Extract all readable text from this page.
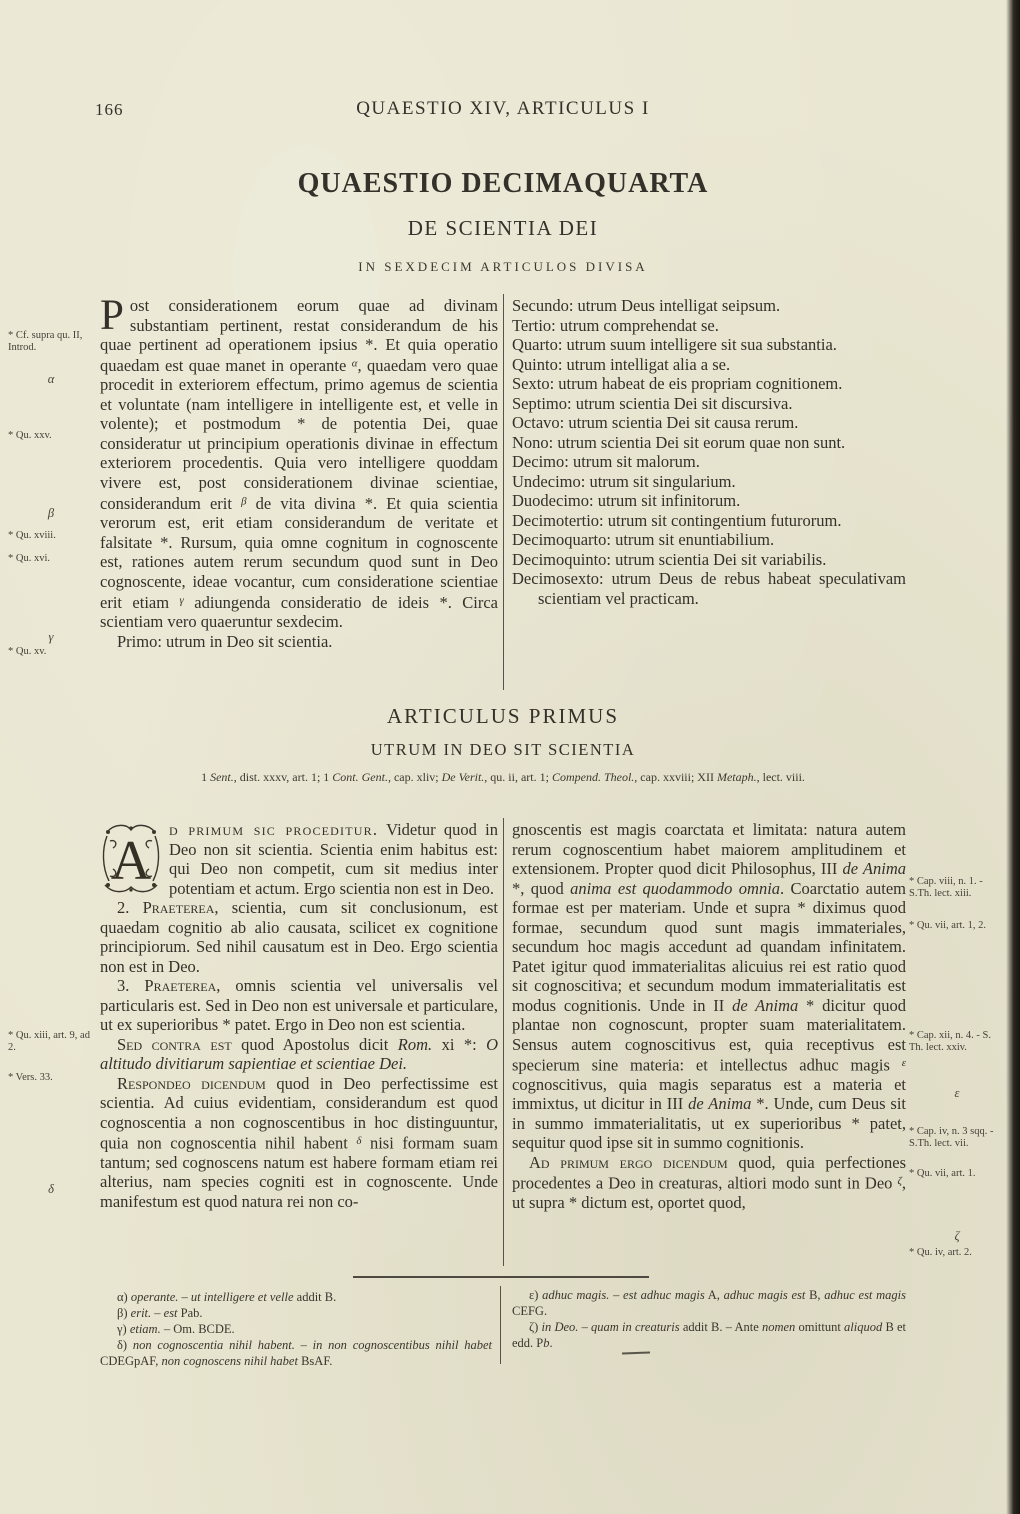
166	QUAESTIO XIV, ARTICULUS I
QUAESTIO DECIMAQUARTA
DE SCIENTIA DEI
IN SEXDECIM ARTICULOS DIVISA

Post considerationem eorum quae ad divinam substantiam pertinent, restat considerandum de his quae pertinent ad operationem ipsius *. Et quia operatio quaedam est quae manet in operante $^\alpha$, quaedam vero quae procedit in exteriorem effectum, primo agemus de scientia et voluntate (nam intelligere in intelligente est, et velle in volente); et postmodum * de potentia Dei, quae consideratur ut principium operationis divinae in effectum exteriorem procedentis. Quia vero intelligere quoddam vivere est, post considerationem divinae scientiae, considerandum erit $^\beta$ de vita divina *. Et quia scientia verorum est, erit etiam considerandum de veritate et falsitate *. Rursum, quia omne cognitum in cognoscente est, rationes autem rerum secundum quod sunt in Deo cognoscente, ideae vocantur, cum consideratione scientiae erit etiam $^\gamma$ adiungenda consideratio de ideis *. Circa scientiam vero quaeruntur sexdecim.

Primo: utrum in Deo sit scientia.

Secundo: utrum Deus intelligat seipsum.
Tertio: utrum comprehendat se.
Quarto: utrum suum intelligere sit sua substantia.
Quinto: utrum intelligat alia a se.
Sexto: utrum habeat de eis propriam cognitionem.
Septimo: utrum scientia Dei sit discursiva.
Octavo: utrum scientia Dei sit causa rerum.
Nono: utrum scientia Dei sit eorum quae non sunt.
Decimo: utrum sit malorum.
Undecimo: utrum sit singularium.
Duodecimo: utrum sit infinitorum.
Decimotertio: utrum sit contingentium futurorum.
Decimoquarto: utrum sit enuntiabilium.
Decimoquinto: utrum scientia Dei sit variabilis.
Decimosexto: utrum Deus de rebus habeat speculativam scientiam vel practicam.
ARTICULUS PRIMUS
UTRUM IN DEO SIT SCIENTIA
1 Sent., dist. xxxv, art. 1; 1 Cont. Gent., cap. xliv; De Verit., qu. ii, art. 1; Compend. Theol., cap. xxviii; XII Metaph., lect. viii.

A
d primum sic proceditur. Videtur quod in Deo non sit scientia. Scientia enim habitus est: qui Deo non competit, cum sit medius inter potentiam et actum. Ergo scientia non est in Deo.

2. Praeterea, scientia, cum sit conclusionum, est quaedam cognitio ab alio causata, scilicet ex cognitione principiorum. Sed nihil causatum est in Deo. Ergo scientia non est in Deo.

3. Praeterea, omnis scientia vel universalis vel particularis est. Sed in Deo non est universale et particulare, ut ex superioribus * patet. Ergo in Deo non est scientia.

Sed contra est quod Apostolus dicit Rom. xi *: O altitudo divitiarum sapientiae et scientiae Dei.

Respondeo dicendum quod in Deo perfectissime est scientia. Ad cuius evidentiam, considerandum est quod cognoscentia a non cognoscentibus in hoc distinguuntur, quia non cognoscentia nihil habent $^\delta$ nisi formam suam tantum; sed cognoscens natum est habere formam etiam rei alterius, nam species cogniti est in cognoscente. Unde manifestum est quod natura rei non co-

gnoscentis est magis coarctata et limitata: natura autem rerum cognoscentium habet maiorem amplitudinem et extensionem. Propter quod dicit Philosophus, III de Anima *, quod anima est quodammodo omnia. Coarctatio autem formae est per materiam. Unde et supra * diximus quod formae, secundum quod sunt magis immateriales, secundum hoc magis accedunt ad quandam infinitatem. Patet igitur quod immaterialitas alicuius rei est ratio quod sit cognoscitiva; et secundum modum immaterialitatis est modus cognitionis. Unde in II de Anima * dicitur quod plantae non cognoscunt, propter suam materialitatem. Sensus autem cognoscitivus est, quia receptivus est specierum sine materia: et intellectus adhuc magis $^\varepsilon$ cognoscitivus, quia magis separatus est a materia et immixtus, ut dicitur in III de Anima *. Unde, cum Deus sit in summo immaterialitatis, ut ex superioribus * patet, sequitur quod ipse sit in summo cognitionis.

Ad primum ergo dicendum quod, quia perfectiones procedentes a Deo in creaturas, altiori modo sunt in Deo $^\zeta$, ut supra * dictum est, oportet quod,

α) operante. – ut intelligere et velle addit B.

β) erit. – est Pab.

γ) etiam. – Om. BCDE.

δ) non cognoscentia nihil habent. – in non cognoscentibus nihil habet CDEGpAF, non cognoscens nihil habet BsAF.

ε) adhuc magis. – est adhuc magis A, adhuc magis est B, adhuc est magis CEFG.

ζ) in Deo. – quam in creaturis addit B. – Ante nomen omittunt aliquod B et edd. Pb.

* Cf. supra qu. II, Introd.
α
* Qu. xxv.
β
* Qu. xviii.
* Qu. xvi.
γ
* Qu. xv.
* Qu. xiii, art. 9, ad 2.
* Vers. 33.
δ
* Cap. viii, n. 1. - S.Th. lect. xiii.
* Qu. vii, art. 1, 2.
* Cap. xii, n. 4. - S. Th. lect. xxiv.
ε
* Cap. iv, n. 3 sqq. - S.Th. lect. vii.
* Qu. vii, art. 1.
ζ
* Qu. iv, art. 2.
